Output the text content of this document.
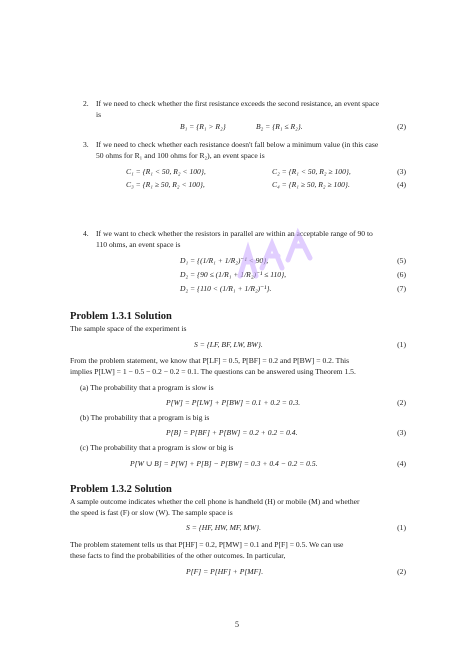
2. If we need to check whether the first resistance exceeds the second resistance, an event space
is
B₁ = {R₁ > R₂}	B₂ = {R₁ ≤ R₂}.	(2)
3. If we need to check whether each resistance doesn't fall below a minimum value (in this case
50 ohms for R₁ and 100 ohms for R₂), an event space is
C₁ = {R₁ < 50, R₂ < 100},	C₂ = {R₁ < 50, R₂ ≥ 100},	(3)
C₃ = {R₁ ≥ 50, R₂ < 100},	C₄ = {R₁ ≥ 50, R₂ ≥ 100}.	(4)
4. If we want to check whether the resistors in parallel are within an acceptable range of 90 to
110 ohms, an event space is
D₁ = {(1/R₁ + 1/R₂)⁻¹ < 90},	(5)
D₂ = {90 ≤ (1/R₁ + 1/R₂)⁻¹ ≤ 110},	(6)
D₂ = {110 < (1/R₁ + 1/R₂)⁻¹}.	(7)
Problem 1.3.1 Solution
The sample space of the experiment is
S = {LF, BF, LW, BW}.	(1)
From the problem statement, we know that P[LF] = 0.5, P[BF] = 0.2 and P[BW] = 0.2. This
implies P[LW] = 1 − 0.5 − 0.2 − 0.2 = 0.1. The questions can be answered using Theorem 1.5.
(a) The probability that a program is slow is
P[W] = P[LW] + P[BW] = 0.1 + 0.2 = 0.3.	(2)
(b) The probability that a program is big is
P[B] = P[BF] + P[BW] = 0.2 + 0.2 = 0.4.	(3)
(c) The probability that a program is slow or big is
P[W ∪ B] = P[W] + P[B] − P[BW] = 0.3 + 0.4 − 0.2 = 0.5.	(4)
Problem 1.3.2 Solution
A sample outcome indicates whether the cell phone is handheld (H) or mobile (M) and whether
the speed is fast (F) or slow (W). The sample space is
S = {HF, HW, MF, MW}.	(1)
The problem statement tells us that P[HF] = 0.2, P[MW] = 0.1 and P[F] = 0.5. We can use
these facts to find the probabilities of the other outcomes. In particular,
P[F] = P[HF] + P[MF].	(2)
5
